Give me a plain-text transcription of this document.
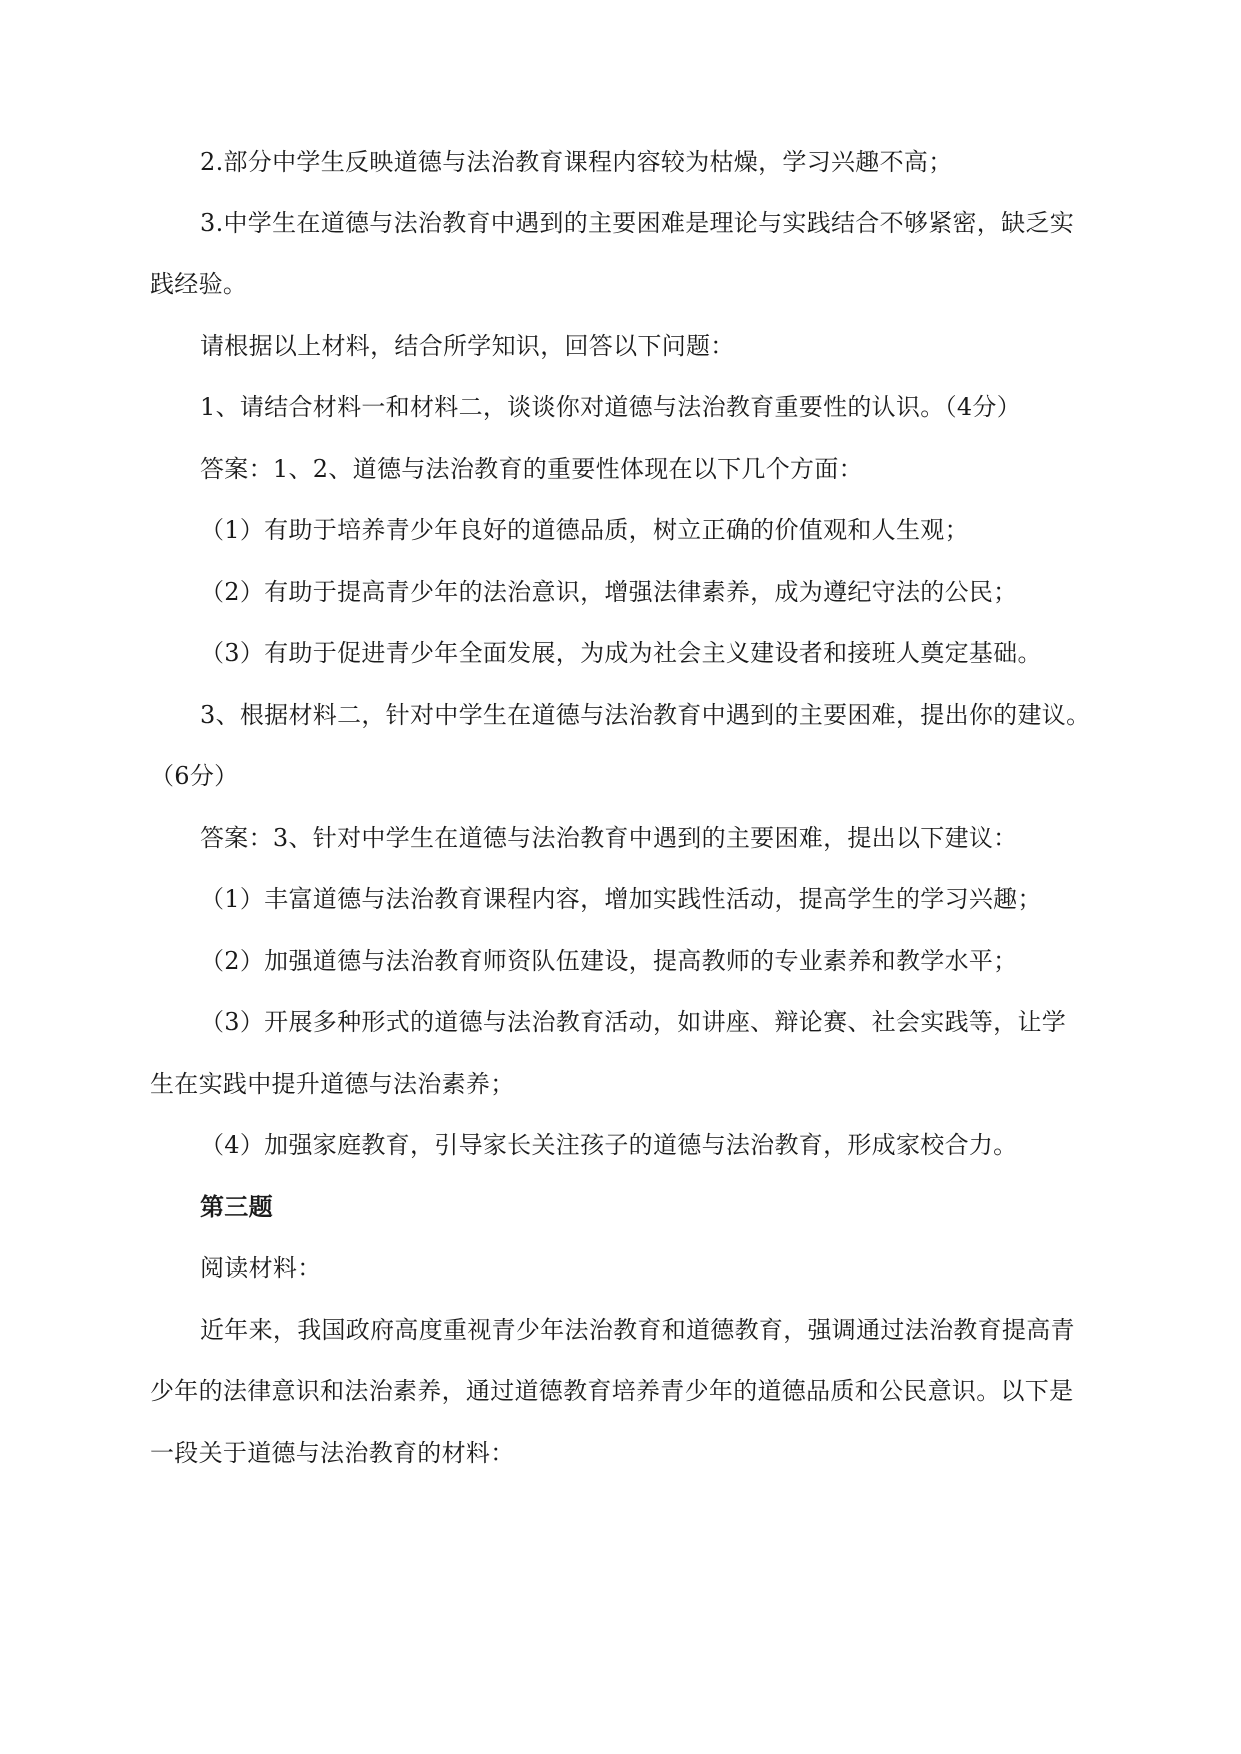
2.部分中学生反映道德与法治教育课程内容较为枯燥，学习兴趣不高；
3.中学生在道德与法治教育中遇到的主要困难是理论与实践结合不够紧密，缺乏实
践经验。
请根据以上材料，结合所学知识，回答以下问题：
1、请结合材料一和材料二，谈谈你对道德与法治教育重要性的认识。（4分）
答案：1、2、道德与法治教育的重要性体现在以下几个方面：
（1）有助于培养青少年良好的道德品质，树立正确的价值观和人生观；
（2）有助于提高青少年的法治意识，增强法律素养，成为遵纪守法的公民；
（3）有助于促进青少年全面发展，为成为社会主义建设者和接班人奠定基础。
3、根据材料二，针对中学生在道德与法治教育中遇到的主要困难，提出你的建议。
（6分）
答案：3、针对中学生在道德与法治教育中遇到的主要困难，提出以下建议：
（1）丰富道德与法治教育课程内容，增加实践性活动，提高学生的学习兴趣；
（2）加强道德与法治教育师资队伍建设，提高教师的专业素养和教学水平；
（3）开展多种形式的道德与法治教育活动，如讲座、辩论赛、社会实践等，让学
生在实践中提升道德与法治素养；
（4）加强家庭教育，引导家长关注孩子的道德与法治教育，形成家校合力。
第三题
阅读材料：
近年来，我国政府高度重视青少年法治教育和道德教育，强调通过法治教育提高青
少年的法律意识和法治素养，通过道德教育培养青少年的道德品质和公民意识。以下是
一段关于道德与法治教育的材料：
